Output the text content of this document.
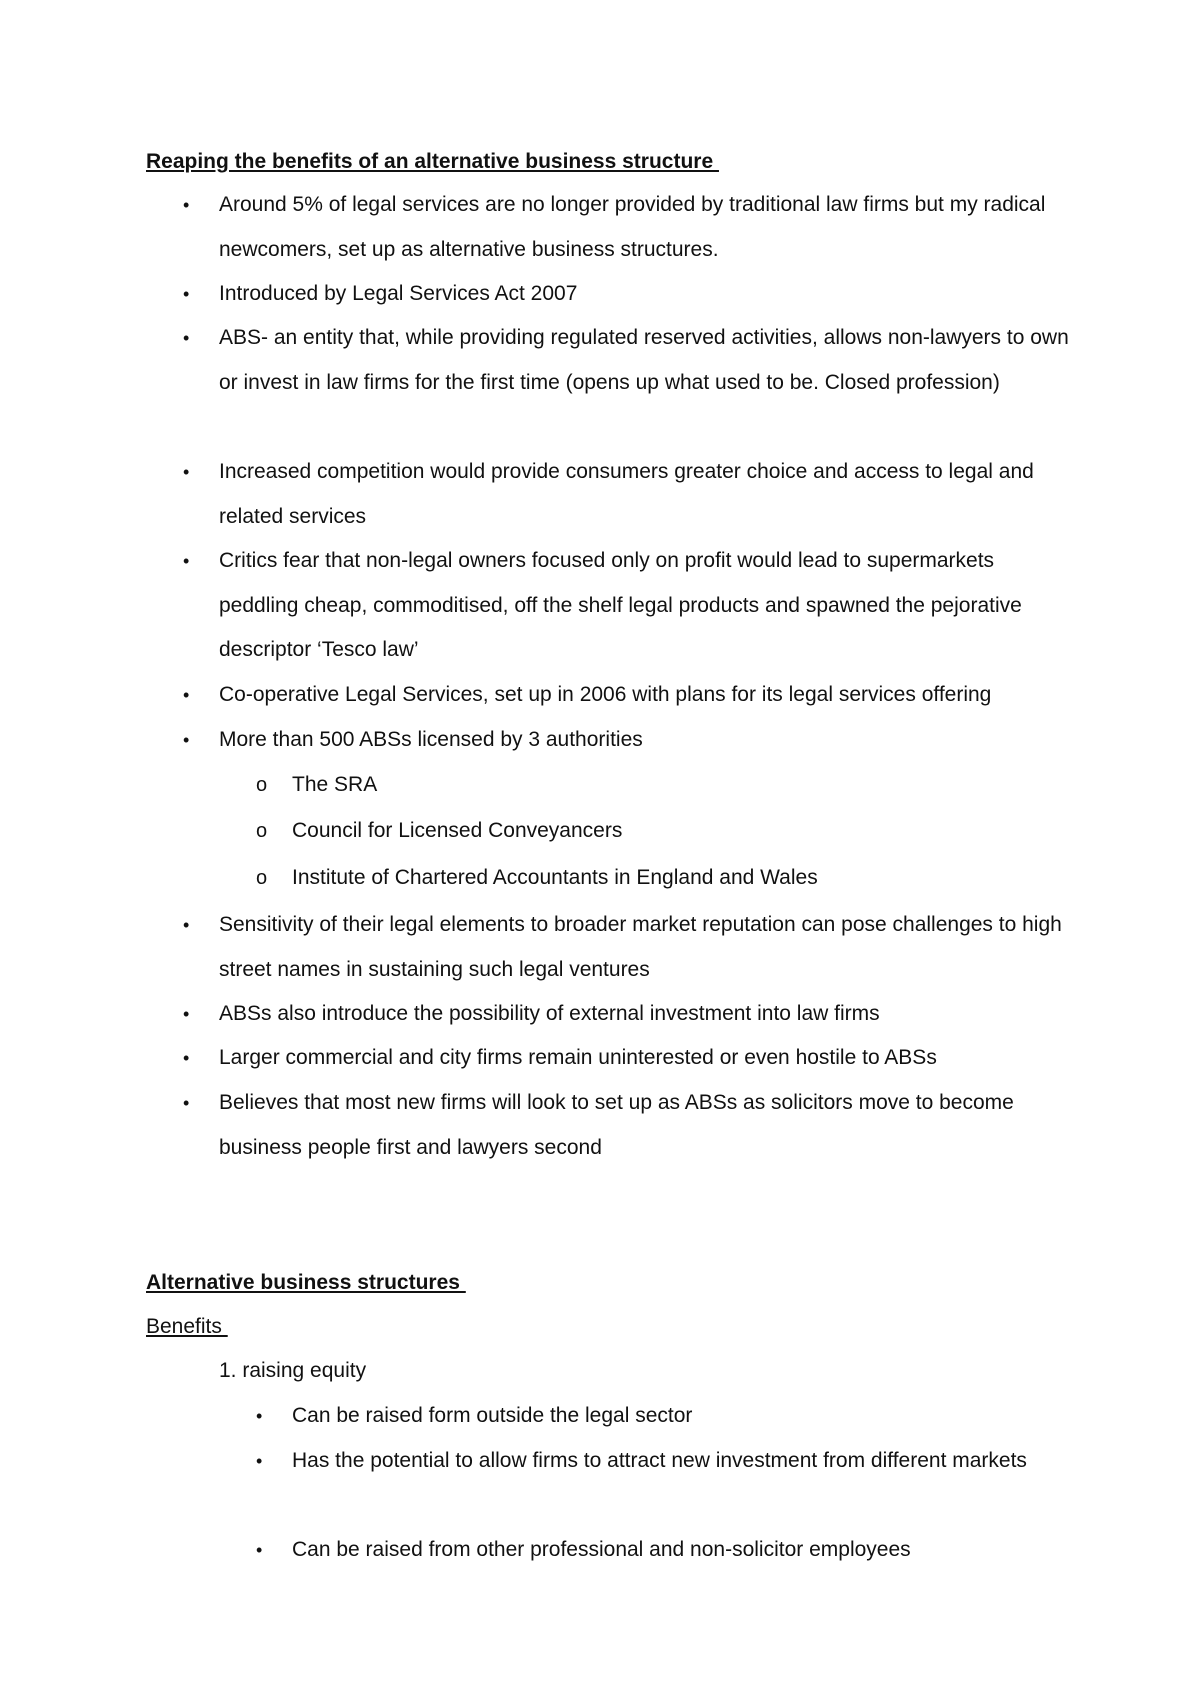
Reaping the benefits of an alternative business structure
• Around 5% of legal services are no longer provided by traditional law firms but my radical newcomers, set up as alternative business structures.
• Introduced by Legal Services Act 2007
• ABS- an entity that, while providing regulated reserved activities, allows non-lawyers to own or invest in law firms for the first time (opens up what used to be. Closed profession)
• Increased competition would provide consumers greater choice and access to legal and related services
• Critics fear that non-legal owners focused only on profit would lead to supermarkets peddling cheap, commoditised, off the shelf legal products and spawned the pejorative descriptor ‘Tesco law’
• Co-operative Legal Services, set up in 2006 with plans for its legal services offering
• More than 500 ABSs licensed by 3 authorities
o The SRA
o Council for Licensed Conveyancers
o Institute of Chartered Accountants in England and Wales
• Sensitivity of their legal elements to broader market reputation can pose challenges to high street names in sustaining such legal ventures
• ABSs also introduce the possibility of external investment into law firms
• Larger commercial and city firms remain uninterested or even hostile to ABSs
• Believes that most new firms will look to set up as ABSs as solicitors move to become business people first and lawyers second
Alternative business structures
Benefits
1. raising equity
• Can be raised form outside the legal sector
• Has the potential to allow firms to attract new investment from different markets
• Can be raised from other professional and non-solicitor employees
